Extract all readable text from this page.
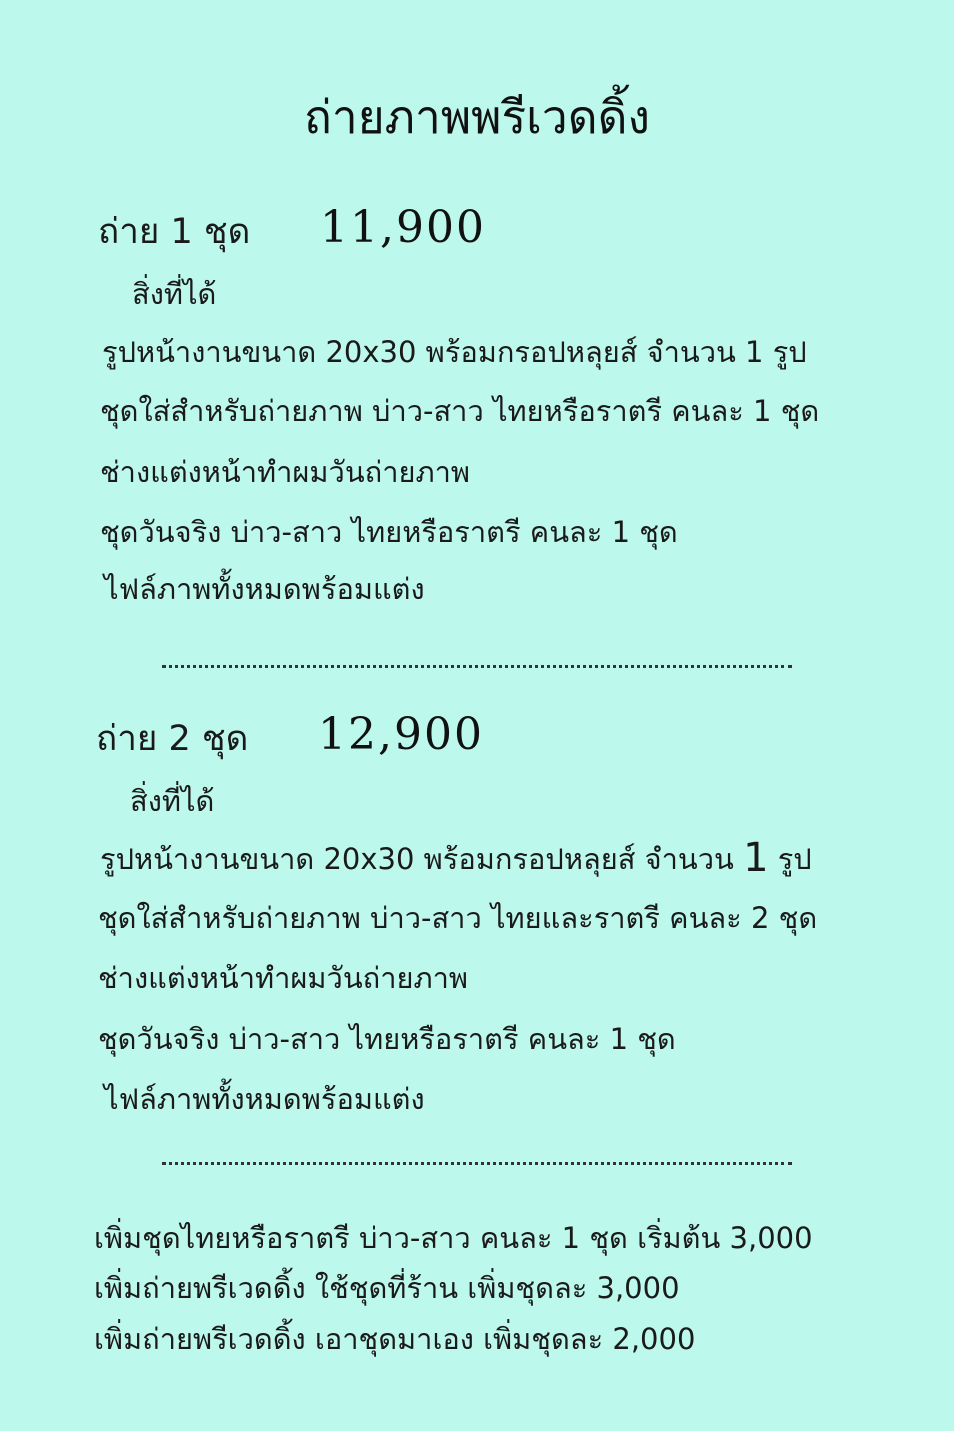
ถ่ายภาพพรีเวดดิ้ง
ถ่าย 1 ชุด 11,900
สิ่งที่ได้
รูปหน้างานขนาด 20x30 พร้อมกรอปหลุยส์ จำนวน 1 รูป
ชุดใส่สำหรับถ่ายภาพ บ่าว-สาว ไทยหรือราตรี คนละ 1 ชุด
ช่างแต่งหน้าทำผมวันถ่ายภาพ
ชุดวันจริง บ่าว-สาว ไทยหรือราตรี คนละ 1 ชุด
ไฟล์ภาพทั้งหมดพร้อมแต่ง
ถ่าย 2 ชุด 12,900
สิ่งที่ได้
รูปหน้างานขนาด 20x30 พร้อมกรอปหลุยส์ จำนวน 1 รูป
ชุดใส่สำหรับถ่ายภาพ บ่าว-สาว ไทยและราตรี คนละ 2 ชุด
ช่างแต่งหน้าทำผมวันถ่ายภาพ
ชุดวันจริง บ่าว-สาว ไทยหรือราตรี คนละ 1 ชุด
ไฟล์ภาพทั้งหมดพร้อมแต่ง
เพิ่มชุดไทยหรือราตรี บ่าว-สาว คนละ 1 ชุด เริ่มต้น 3,000
เพิ่มถ่ายพรีเวดดิ้ง ใช้ชุดที่ร้าน เพิ่มชุดละ 3,000
เพิ่มถ่ายพรีเวดดิ้ง เอาชุดมาเอง เพิ่มชุดละ 2,000
